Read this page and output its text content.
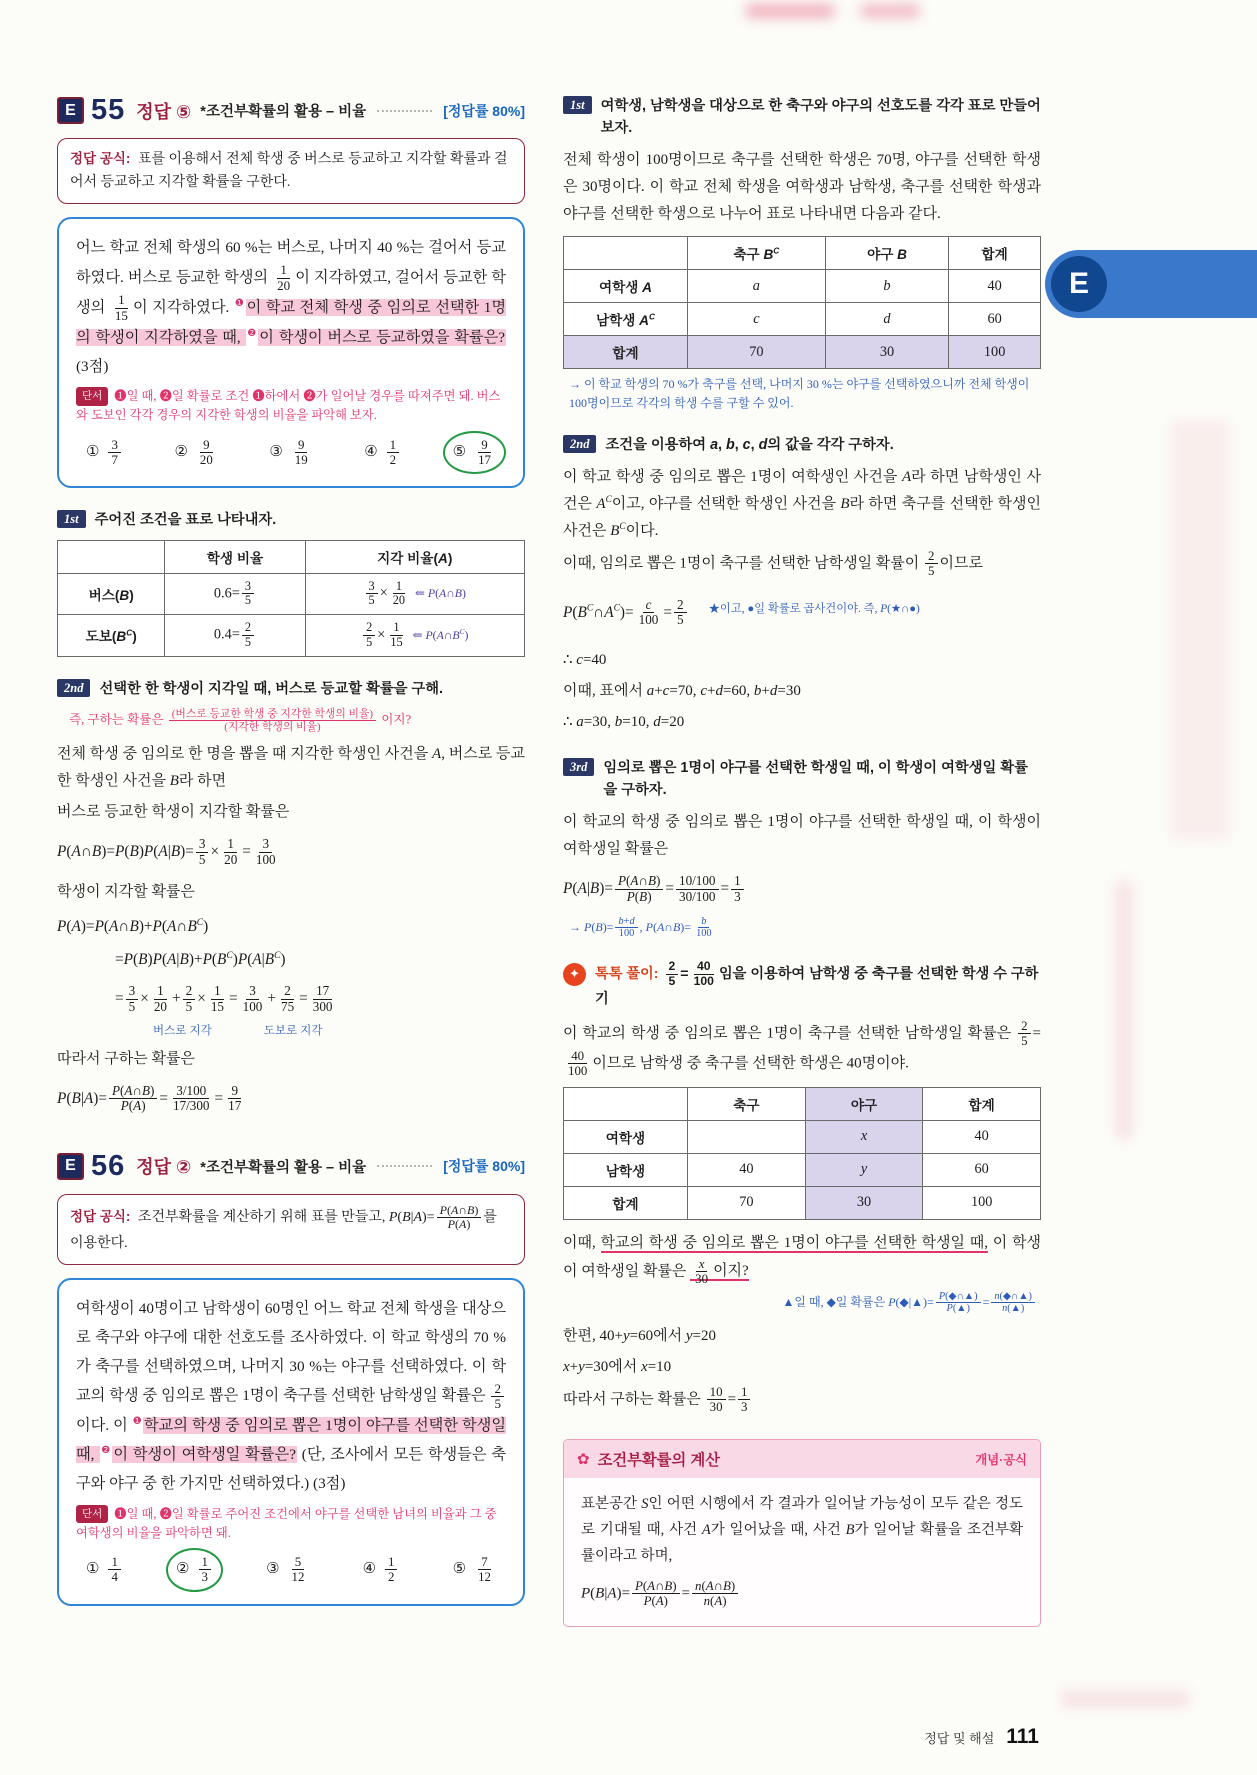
E
E 55 정답 ⑤ *조건부확률의 활용 – 비율	[정답률 80%]
정답 공식: 표를 이용해서 전체 학생 중 버스로 등교하고 지각할 확률과 걸어서 등교하고 지각할 확률을 구한다.

어느 학교 전체 학생의 60 %는 버스로, 나머지 40 %는 걸어서 등교하였다. 버스로 등교한 학생의 $\frac{1}{20}$ 이 지각하였고, 걸어서 등교한 학생의 $\frac{1}{15}$ 이 지각하였다. $^❶$ 이 학교 전체 학생 중 임의로 선택한 1명의 학생이 지각하였을 때, $^❷$ 이 학생이 버스로 등교하였을 확률은? (3점)

단서 ❶일 때, ❷일 확률로 조건 ❶하에서 ❷가 일어날 경우를 따져주면 돼. 버스와 도보인 각각 경우의 지각한 학생의 비율을 파악해 보자.

① $\frac{3}{7}$	② $\frac{9}{20}$	③ $\frac{9}{19}$	④ $\frac{1}{2}$	⑤ $\frac{9}{17}$
1st	주어진 조건을 표로 나타내자.
	학생 비율	지각 비율(A)
버스(B)	$0.6= \frac{3}{5}$	$\frac{3}{5} \times \frac{1}{20}$ ⇐ P(A∩B)
도보$(B^C)$	$0.4= \frac{2}{5}$	$\frac{2}{5} \times \frac{1}{15}$ ⇐ $P(A\cap B^C)$
2nd	선택한 한 학생이 지각일 때, 버스로 등교할 확률을 구해.

즉, 구하는 확률은 $\frac{\text{(버스로 등교한 학생 중 지각한 학생의 비율)}}{\text{(지각한 학생의 비율)}}$ 이지?

전체 학생 중 임의로 한 명을 뽑을 때 지각한 학생인 사건을 A, 버스로 등교한 학생인 사건을 B라 하면

버스로 등교한 학생이 지각할 확률은

P(A∩B)=P(B)P(A|B)= $\frac{3}{5} \times \frac{1}{20} = \frac{3}{100}$

학생이 지각할 확률은

$P(A)=P(A\cap B)+P(A\cap B^C)$

$=P(B)P(A|B)+P(B^C)P(A|B^C)$

= $\frac{3}{5} \times \frac{1}{20} + \frac{2}{5} \times \frac{1}{15} = \frac{3}{100} + \frac{2}{75} = \frac{17}{300}$

버스로 지각	도보로 지각

따라서 구하는 확률은

$P(B|A)= \frac{P(A\cap B)}{P(A)} = \frac{3/100}{17/300} = \frac{9}{17}$

E 56 정답 ② *조건부확률의 활용 – 비율	[정답률 80%]
정답 공식: 조건부확률을 계산하기 위해 표를 만들고, $P(B|A)= \frac{P(A\cap B)}{P(A)}$ 를 이용한다.

여학생이 40명이고 남학생이 60명인 어느 학교 전체 학생을 대상으로 축구와 야구에 대한 선호도를 조사하였다. 이 학교 학생의 70 %가 축구를 선택하였으며, 나머지 30 %는 야구를 선택하였다. 이 학교의 학생 중 임의로 뽑은 1명이 축구를 선택한 남학생일 확률은 $\frac{2}{5}$
이다. 이 $^❶$ 학교의 학생 중 임의로 뽑은 1명이 야구를 선택한 학생일 때, $^❷$ 이 학생이 여학생일 확률은? (단, 조사에서 모든 학생들은 축구와 야구 중 한 가지만 선택하였다.) (3점)

단서 ❶일 때, ❷일 확률로 주어진 조건에서 야구를 선택한 남녀의 비율과 그 중 여학생의 비율을 파악하면 돼.

① $\frac{1}{4}$	② $\frac{1}{3}$	③ $\frac{5}{12}$	④ $\frac{1}{2}$	⑤ $\frac{7}{12}$
1st	여학생, 남학생을 대상으로 한 축구와 야구의 선호도를 각각 표로 만들어 보자.

전체 학생이 100명이므로 축구를 선택한 학생은 70명, 야구를 선택한 학생은 30명이다. 이 학교 전체 학생을 여학생과 남학생, 축구를 선택한 학생과 야구를 선택한 학생으로 나누어 표로 나타내면 다음과 같다.

	축구 $B^C$	야구 B	합계
여학생 A	a	b	40
남학생 $A^C$	c	d	60
합계	70	30	100

→ 이 학교 학생의 70 %가 축구를 선택, 나머지 30 %는 야구를 선택하였으니까 전체 학생이 100명이므로 각각의 학생 수를 구할 수 있어.

2nd	조건을 이용하여 a, b, c, d의 값을 각각 구하자.

이 학교 학생 중 임의로 뽑은 1명이 여학생인 사건을 A라 하면 남학생인 사건은 $A^C$이고, 야구를 선택한 학생인 사건을 B라 하면 축구를 선택한 학생인 사건은 $B^C$이다.

이때, 임의로 뽑은 1명이 축구를 선택한 남학생일 확률이 $\frac{2}{5}$ 이므로

$P(B^C\cap A^C)= \frac{c}{100} = \frac{2}{5}$ ★이고, ●일 확률로 곱사건이야. 즉, P(★∩●)

∴ c=40

이때, 표에서 a+c=70, c+d=60, b+d=30

∴ a=30, b=10, d=20

3rd	임의로 뽑은 1명이 야구를 선택한 학생일 때, 이 학생이 여학생일 확률을 구하자.

이 학교의 학생 중 임의로 뽑은 1명이 야구를 선택한 학생일 때, 이 학생이 여학생일 확률은

$P(A|B)= \frac{P(A\cap B)}{P(B)} = \frac{10/100}{30/100} = \frac{1}{3}$

→ $P(B)= \frac{b+d}{100}$ , P(A∩B)= $\frac{b}{100}$

✦	톡톡 풀이: $\frac{2}{5} = \frac{40}{100}$ 임을 이용하여 남학생 중 축구를 선택한 학생 수 구하기

이 학교의 학생 중 임의로 뽑은 1명이 축구를 선택한 남학생일 확률은 $\frac{2}{5}$ =
$\frac{40}{100}$ 이므로 남학생 중 축구를 선택한 학생은 40명이야.

	축구	야구	합계
여학생		x	40
남학생	40	y	60
합계	70	30	100

이때, 학교의 학생 중 임의로 뽑은 1명이 야구를 선택한 학생일 때, 이 학생이 여학생일 확률은 $\frac{x}{30}$ 이지?

▲일 때, ◆일 확률은 P(◆|▲)= $\frac{P(◆\cap▲)}{P(▲)} = \frac{n(◆\cap▲)}{n(▲)}$

한편, 40+y=60에서 y=20

x+y=30에서 x=10

따라서 구하는 확률은 $\frac{10}{30} = \frac{1}{3}$

✿ 조건부확률의 계산	개념·공식

표본공간 S인 어떤 시행에서 각 결과가 일어날 가능성이 모두 같은 정도로 기대될 때, 사건 A가 일어났을 때, 사건 B가 일어날 확률을 조건부확률이라고 하며,

$P(B|A)= \frac{P(A\cap B)}{P(A)} = \frac{n(A\cap B)}{n(A)}$

정답 및 해설 111
